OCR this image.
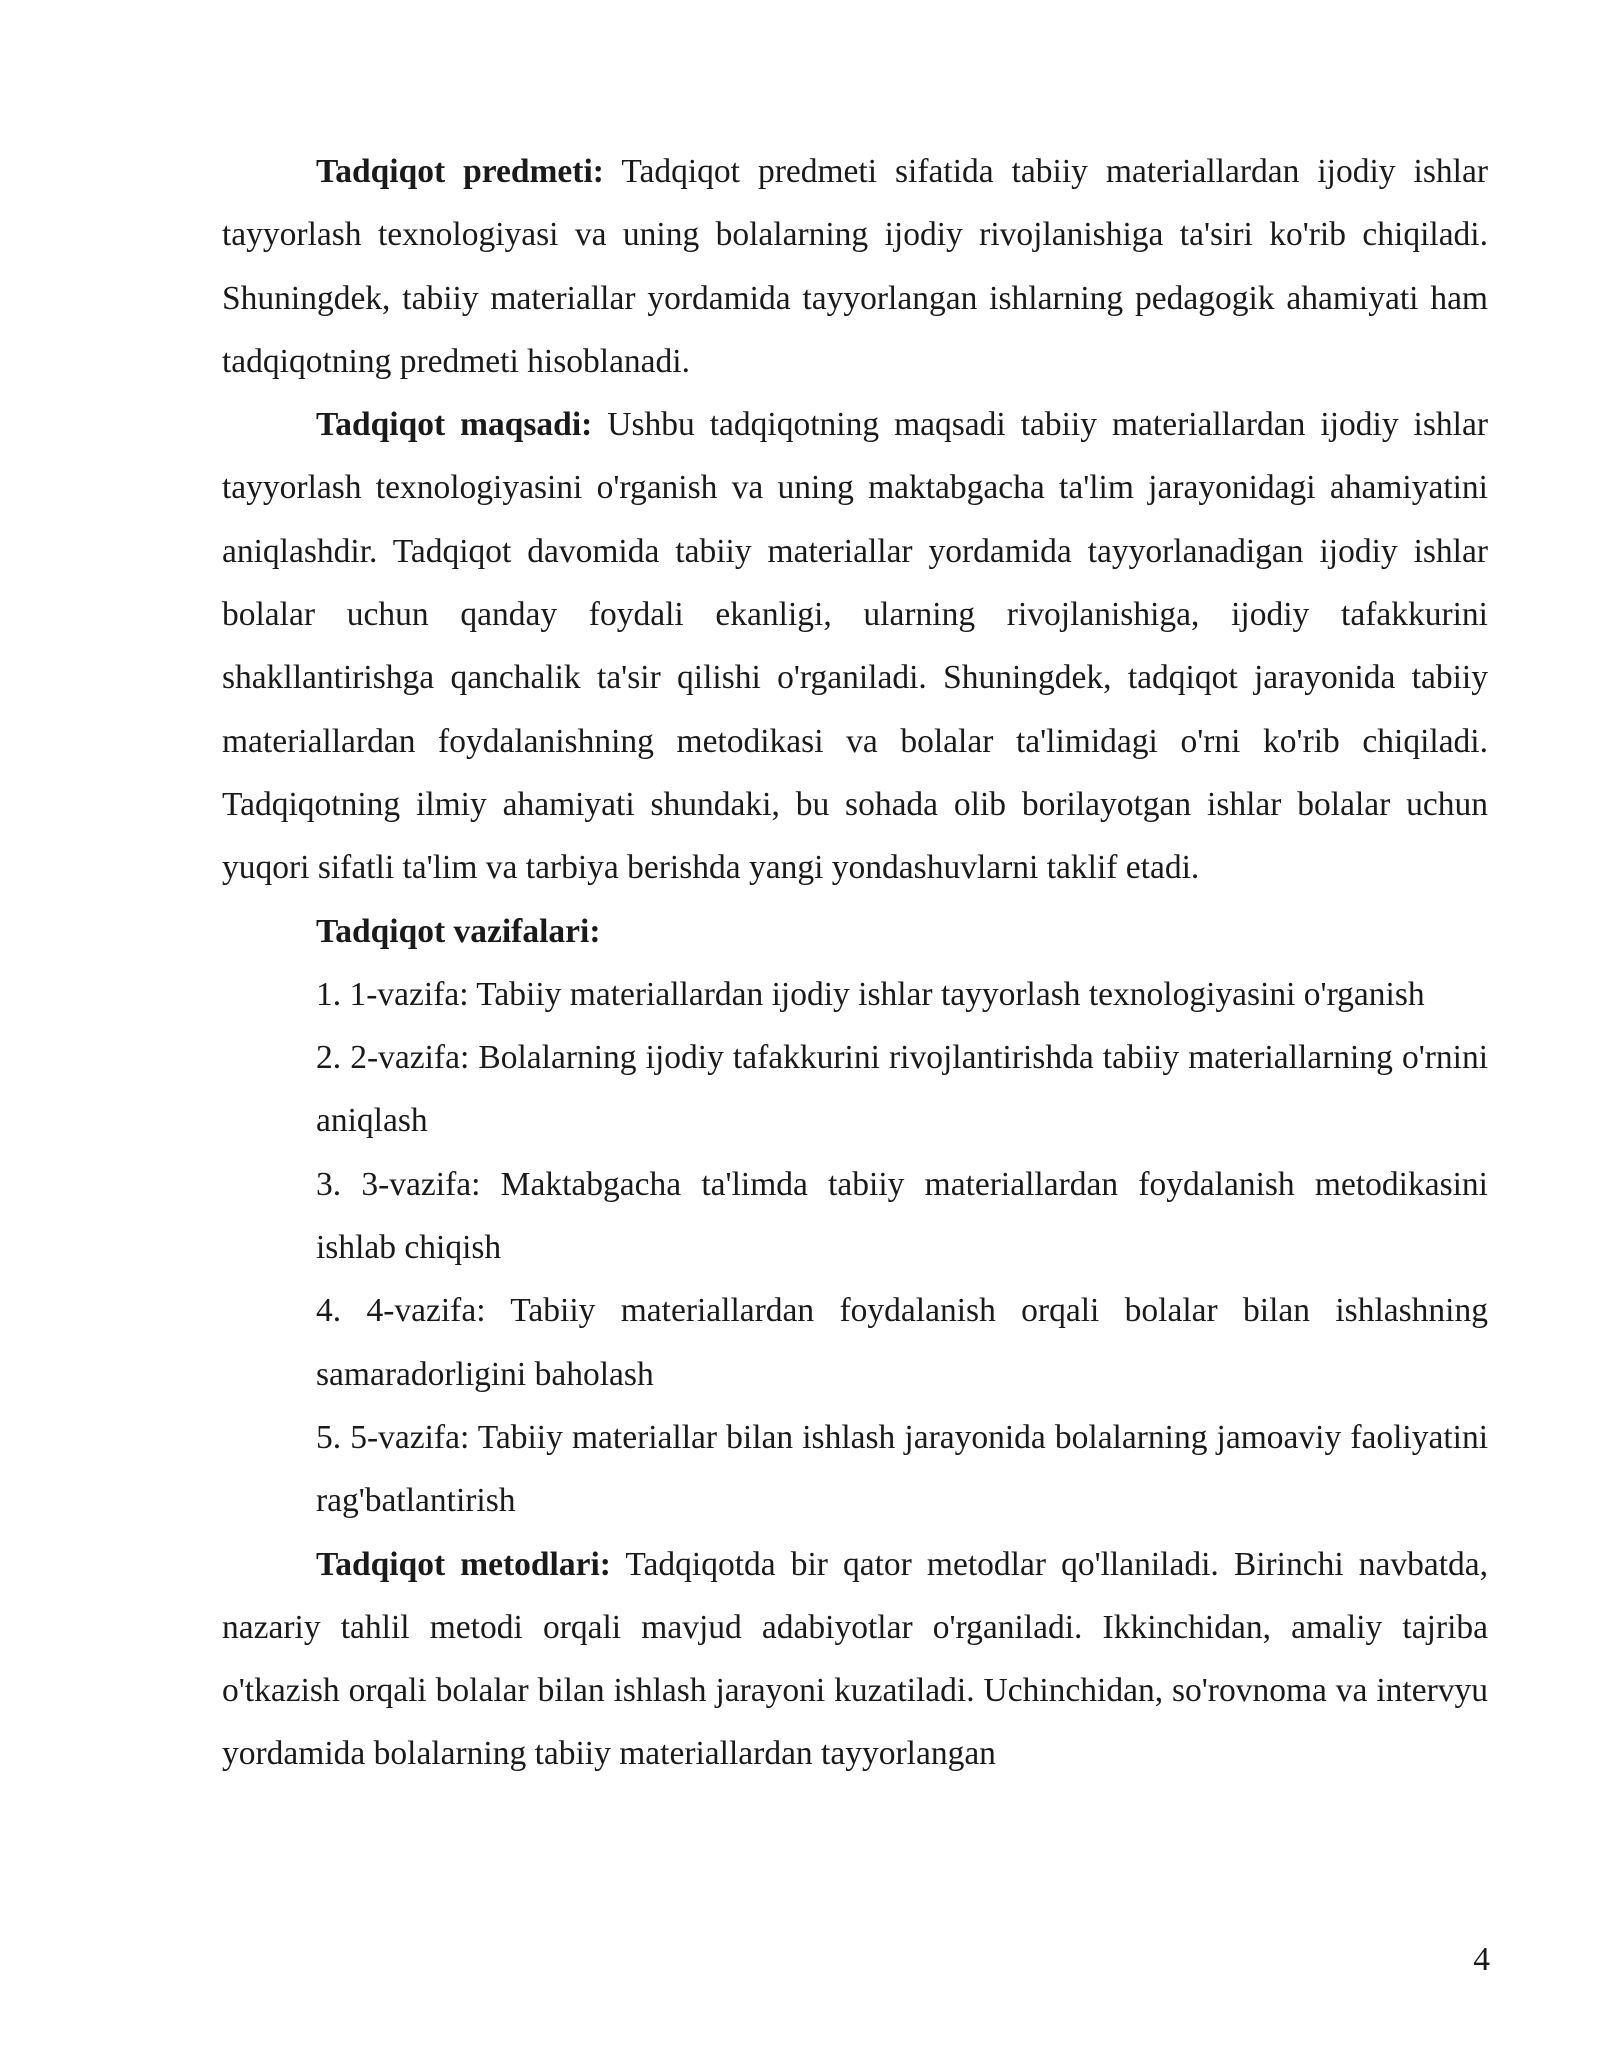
Tadqiqot predmeti: Tadqiqot predmeti sifatida tabiiy materiallardan ijodiy ishlar tayyorlash texnologiyasi va uning bolalarning ijodiy rivojlanishiga ta'siri ko'rib chiqiladi. Shuningdek, tabiiy materiallar yordamida tayyorlangan ishlarning pedagogik ahamiyati ham tadqiqotning predmeti hisoblanadi.

Tadqiqot maqsadi: Ushbu tadqiqotning maqsadi tabiiy materiallardan ijodiy ishlar tayyorlash texnologiyasini o'rganish va uning maktabgacha ta'lim jarayonidagi ahamiyatini aniqlashdir. Tadqiqot davomida tabiiy materiallar yordamida tayyorlanadigan ijodiy ishlar bolalar uchun qanday foydali ekanligi, ularning rivojlanishiga, ijodiy tafakkurini shakllantirishga qanchalik ta'sir qilishi o'rganiladi. Shuningdek, tadqiqot jarayonida tabiiy materiallardan foydalanishning metodikasi va bolalar ta'limidagi o'rni ko'rib chiqiladi. Tadqiqotning ilmiy ahamiyati shundaki, bu sohada olib borilayotgan ishlar bolalar uchun yuqori sifatli ta'lim va tarbiya berishda yangi yondashuvlarni taklif etadi.

Tadqiqot vazifalari:

1. 1-vazifa: Tabiiy materiallardan ijodiy ishlar tayyorlash texnologiyasini o'rganish

2. 2-vazifa: Bolalarning ijodiy tafakkurini rivojlantirishda tabiiy materiallarning o'rnini aniqlash

3. 3-vazifa: Maktabgacha ta'limda tabiiy materiallardan foydalanish metodikasini ishlab chiqish

4. 4-vazifa: Tabiiy materiallardan foydalanish orqali bolalar bilan ishlashning samaradorligini baholash

5. 5-vazifa: Tabiiy materiallar bilan ishlash jarayonida bolalarning jamoaviy faoliyatini rag'batlantirish

Tadqiqot metodlari: Tadqiqotda bir qator metodlar qo'llaniladi. Birinchi navbatda, nazariy tahlil metodi orqali mavjud adabiyotlar o'rganiladi. Ikkinchidan, amaliy tajriba o'tkazish orqali bolalar bilan ishlash jarayoni kuzatiladi. Uchinchidan, so'rovnoma va intervyu yordamida bolalarning tabiiy materiallardan tayyorlangan

4
